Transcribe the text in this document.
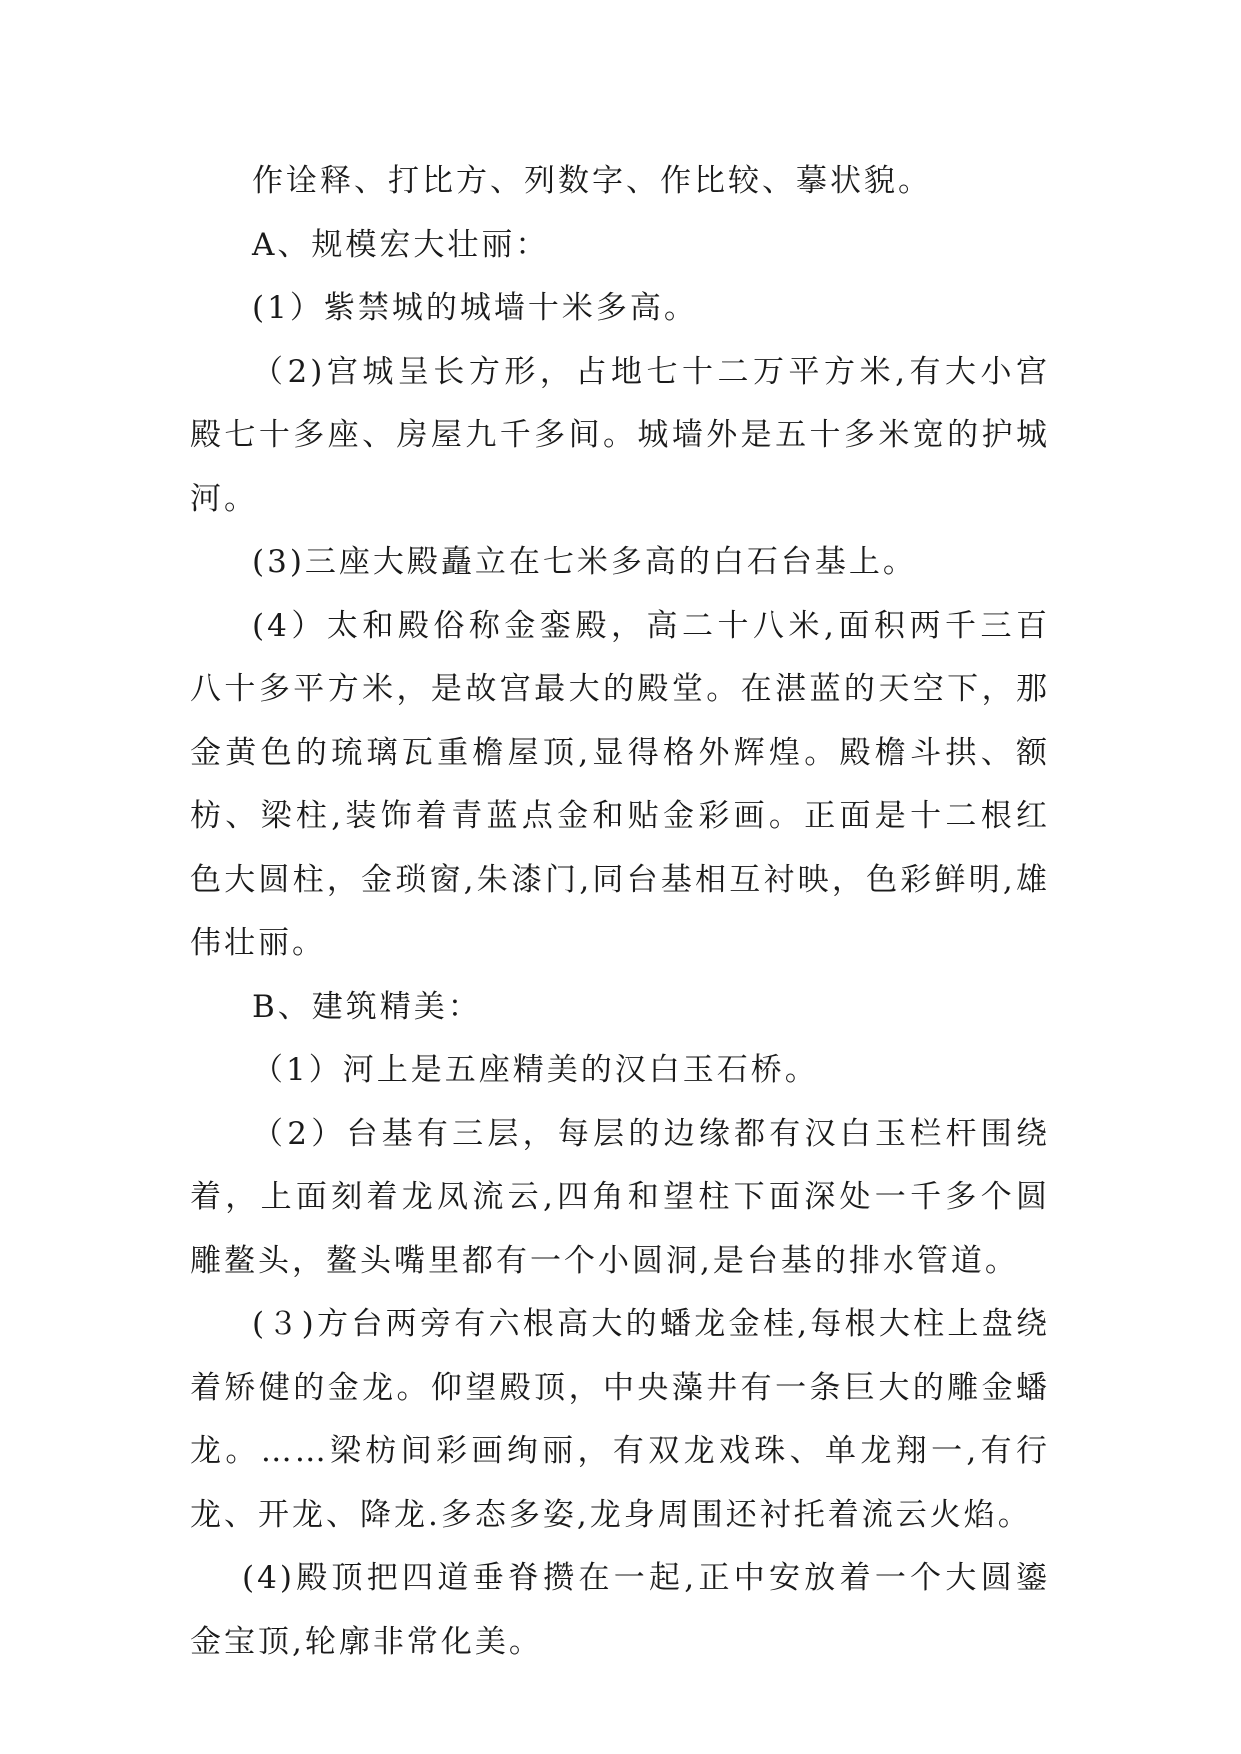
作诠释、打比方、列数字、作比较、摹状貌。

A、规模宏大壮丽：

(1）紫禁城的城墙十米多高。

（2)宫城呈长方形，占地七十二万平方米,有大小宫殿七十多座、房屋九千多间。城墙外是五十多米宽的护城河。

(3)三座大殿矗立在七米多高的白石台基上。

(4）太和殿俗称金銮殿，高二十八米,面积两千三百八十多平方米，是故宫最大的殿堂。在湛蓝的天空下，那金黄色的琉璃瓦重檐屋顶,显得格外辉煌。殿檐斗拱、额枋、梁柱,装饰着青蓝点金和贴金彩画。正面是十二根红色大圆柱，金琐窗,朱漆门,同台基相互衬映，色彩鲜明,雄伟壮丽。

B、建筑精美：

（1）河上是五座精美的汉白玉石桥。

（2）台基有三层，每层的边缘都有汉白玉栏杆围绕着，上面刻着龙凤流云,四角和望柱下面深处一千多个圆雕鳌头，鳌头嘴里都有一个小圆洞,是台基的排水管道。

(３)方台两旁有六根高大的蟠龙金桂,每根大柱上盘绕着矫健的金龙。仰望殿顶，中央藻井有一条巨大的雕金蟠龙。……梁枋间彩画绚丽，有双龙戏珠、单龙翔一,有行龙、开龙、降龙.多态多姿,龙身周围还衬托着流云火焰。

(4)殿顶把四道垂脊攒在一起,正中安放着一个大圆鎏金宝顶,轮廓非常化美。
